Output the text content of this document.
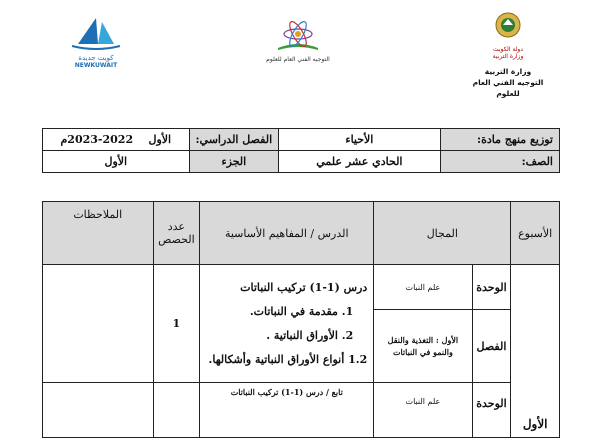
كويت جديدة
NEWKUWAIT
التوجيه الفني العام للعلوم
دولة الكويت
وزارة التربية
وزارة التربية
التوجيه الفني العام للعلوم
توزيع منهج مادة:	الأحياء	الفصل الدراسي:	الأول    2022-2023م
الصف:	الحادي عشر علمي	الجزء	الأول
الأسبوع	المجال		الدرس / المفاهيم الأساسية	عدد الحصص	الملاحظات
الأول	الوحدة	علم النبات	درس (1-1) تركيب النباتات
1. مقدمة في النباتات.
2. الأوراق النباتية .
1.2 أنواع الأوراق النباتية وأشكالها.	1	
	الفصل	الأول : التغذية والنقل والنمو في النباتات			
	الوحدة	علم النبات	تابع / درس (1-1) تركيب النباتات		
